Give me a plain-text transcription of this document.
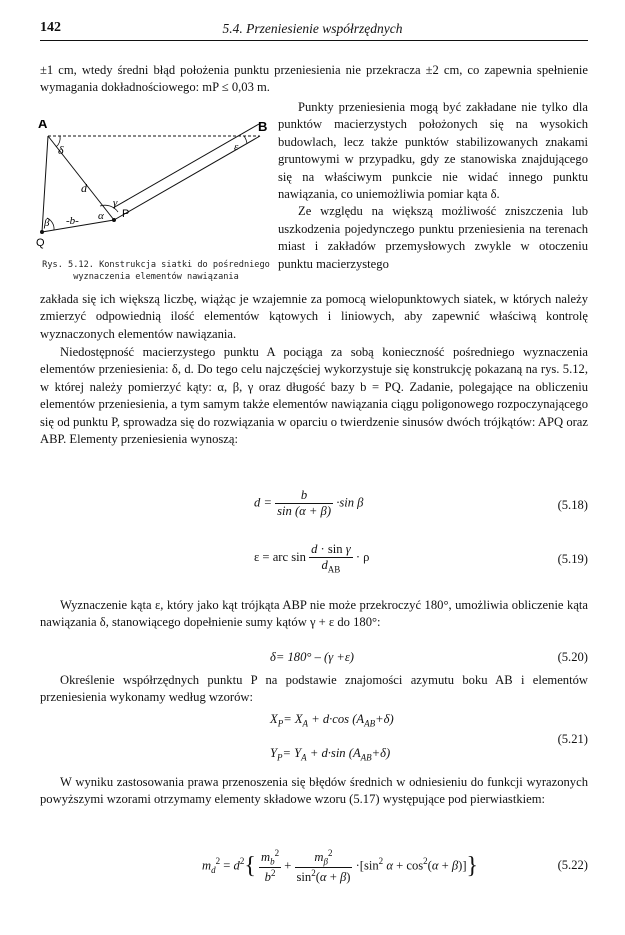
142	5.4. Przeniesienie współrzędnych

±1 cm, wtedy średni błąd położenia punktu przeniesienia nie przekracza ±2 cm, co zapewnia spełnienie wymagania dokładnościowego: mP ≤ 0,03 m.

Punkty przeniesienia mogą być zakładane nie tylko dla punktów macierzystych położonych się na wysokich budowlach, lecz także punktów stabilizowanych znakami gruntowymi w przypadku, gdy ze stanowiska znajdującego się na właściwym punkcie nie widać innego punktu nawiązania, co uniemożliwia pomiar kąta δ.

Ze względu na większą możliwość zniszczenia lub uszkodzenia pojedynczego punktu przeniesienia na terenach miast i zakładów przemysłowych zwykle w otoczeniu punktu macierzystego

A	B
P
Q
δ	ε
d
-b-
β
α
γ
Rys. 5.12. Konstrukcja siatki do pośredniego wyznaczenia elementów nawiązania

zakłada się ich większą liczbę, wiążąc je wzajemnie za pomocą wielopunktowych siatek, w których należy zmierzyć odpowiednią ilość elementów kątowych i liniowych, aby zapewnić właściwą kontrolę wyznaczonych elementów nawiązania.

Niedostępność macierzystego punktu A pociąga za sobą konieczność pośredniego wyznaczenia elementów przeniesienia: δ, d. Do tego celu najczęściej wykorzystuje się konstrukcję pokazaną na rys. 5.12, w której należy pomierzyć kąty: α, β, γ oraz długość bazy b = PQ. Zadanie, polegające na obliczeniu elementów przeniesienia, a tym samym także elementów nawiązania ciągu poligonowego rozpoczynającego się od punktu P, sprowadza się do rozwiązania w oparciu o twierdzenie sinusów dwóch trójkątów: APQ oraz ABP. Elementy przeniesienia wynoszą:

$d = \frac{b}{\sin (\alpha + \beta)} \cdot\sin$ β	(5.18)
ε = arc $\sin \frac{\text{d · sin γ}}{d_{AB}} \cdot \rho$	(5.19)

Wyznaczenie kąta ε, który jako kąt trójkąta ABP nie może przekroczyć 180°, umożliwia obliczenie kąta nawiązania δ, stanowiącego dopełnienie sumy kątów γ + ε do 180°:

δ= 180° – (γ +ε)	(5.20)

Określenie współrzędnych punktu P na podstawie znajomości azymutu boku AB i elementów przeniesienia wykonamy według wzorów:

$X_P= X_A + d\cdot\cos$ $(A_{AB}+\delta)$
$Y_P= Y_A + d\cdot\sin$ $(A_{AB}+\delta)$
(5.21)

W wyniku zastosowania prawa przenoszenia się błędów średnich w odniesieniu do funkcji wyrazonych powyższymi wzorami otrzymamy elementy składowe wzoru (5.17) występujące pod pierwiastkiem:

$m_d^2 = d^2\{ \frac{m_b^2}{b^2} + \frac{m_\beta^2}{\sin^2(\alpha + \beta)} \cdot[\sin^2$ $\alpha + \cos^2(\alpha + \beta)$]}	(5.22)
